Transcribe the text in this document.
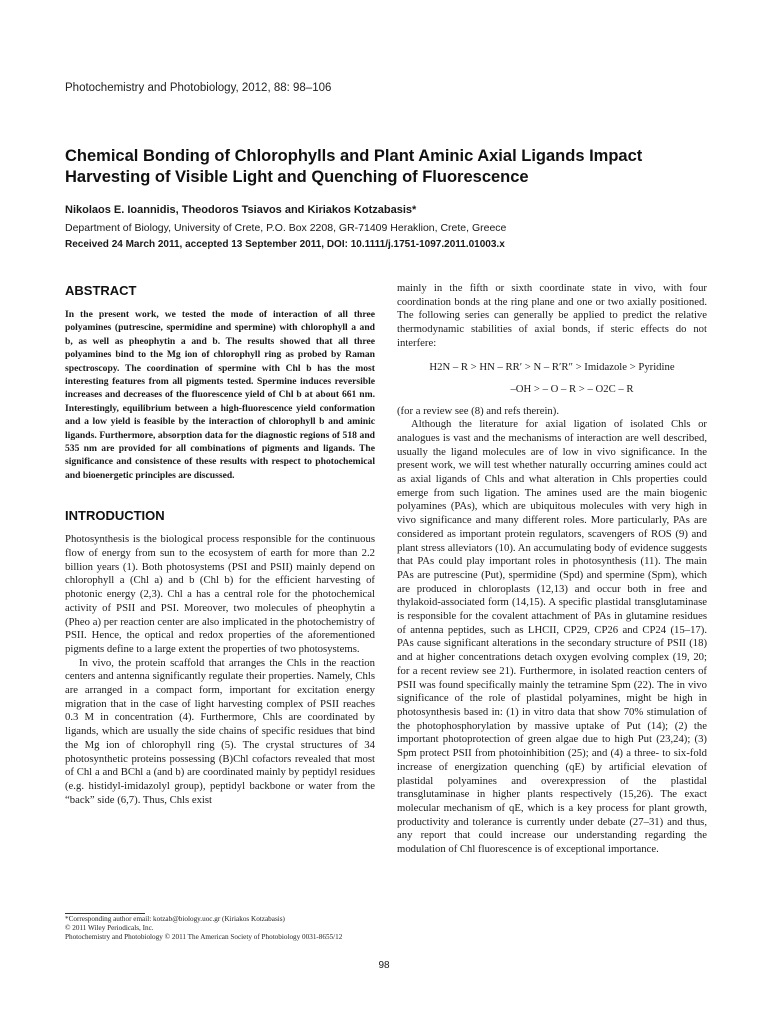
Photochemistry and Photobiology, 2012, 88: 98–106
Chemical Bonding of Chlorophylls and Plant Aminic Axial Ligands Impact Harvesting of Visible Light and Quenching of Fluorescence
Nikolaos E. Ioannidis, Theodoros Tsiavos and Kiriakos Kotzabasis*
Department of Biology, University of Crete, P.O. Box 2208, GR-71409 Heraklion, Crete, Greece
Received 24 March 2011, accepted 13 September 2011, DOI: 10.1111/j.1751-1097.2011.01003.x
ABSTRACT

In the present work, we tested the mode of interaction of all three polyamines (putrescine, spermidine and spermine) with chlorophyll a and b, as well as pheophytin a and b. The results showed that all three polyamines bind to the Mg ion of chlorophyll ring as probed by Raman spectroscopy. The coordination of spermine with Chl b has the most interesting features from all pigments tested. Spermine induces reversible increases and decreases of the fluorescence yield of Chl b at about 661 nm. Interestingly, equilibrium between a high-fluorescence yield conformation and a low yield is feasible by the interaction of chlorophyll b and aminic ligands. Furthermore, absorption data for the diagnostic regions of 518 and 535 nm are provided for all combinations of pigments and ligands. The significance and consistence of these results with respect to photochemical and bioenergetic principles are discussed.

INTRODUCTION

Photosynthesis is the biological process responsible for the continuous flow of energy from sun to the ecosystem of earth for more than 2.2 billion years (1). Both photosystems (PSI and PSII) mainly depend on chlorophyll a (Chl a) and b (Chl b) for the efficient harvesting of photonic energy (2,3). Chl a has a central role for the photochemical activity of PSII and PSI. Moreover, two molecules of pheophytin a (Pheo a) per reaction center are also implicated in the photochemistry of PSII. Hence, the optical and redox properties of the aforementioned pigments define to a large extent the properties of two photosystems.

In vivo, the protein scaffold that arranges the Chls in the reaction centers and antenna significantly regulate their properties. Namely, Chls are arranged in a compact form, important for excitation energy migration that in the case of light harvesting complex of PSII reaches 0.3 M in concentration (4). Furthermore, Chls are coordinated by ligands, which are usually the side chains of specific residues that bind the Mg ion of chlorophyll ring (5). The crystal structures of 34 photosynthetic proteins possessing (B)Chl cofactors revealed that most of Chl a and BChl a (and b) are coordinated mainly by peptidyl residues (e.g. histidyl-imidazolyl group), peptidyl backbone or water from the “back” side (6,7). Thus, Chls exist

mainly in the fifth or sixth coordinate state in vivo, with four coordination bonds at the ring plane and one or two axially positioned. The following series can generally be applied to predict the relative thermodynamic stabilities of axial bonds, if steric effects do not interfere:

H2N – R > HN – RR′ > N – R′R″ > Imidazole > Pyridine

–OH > – O – R > – O2C – R

(for a review see (8) and refs therein).

Although the literature for axial ligation of isolated Chls or analogues is vast and the mechanisms of interaction are well described, usually the ligand molecules are of low in vivo significance. In the present work, we will test whether naturally occurring amines could act as axial ligands of Chls and what alteration in Chls properties could emerge from such ligation. The amines used are the main biogenic polyamines (PAs), which are ubiquitous molecules with very high in vivo significance and many different roles. More particularly, PAs are considered as important protein regulators, scavengers of ROS (9) and plant stress alleviators (10). An accumulating body of evidence suggests that PAs could play important roles in photosynthesis (11). The main PAs are putrescine (Put), spermidine (Spd) and spermine (Spm), which are produced in chloroplasts (12,13) and occur both in free and thylakoid-associated form (14,15). A specific plastidal transglutaminase is responsible for the covalent attachment of PAs in glutamine residues of antenna peptides, such as LHCII, CP29, CP26 and CP24 (15–17). PAs cause significant alterations in the secondary structure of PSII (18) and at higher concentrations detach oxygen evolving complex (19, 20; for a recent review see 21). Furthermore, in isolated reaction centers of PSII was found specifically mainly the tetramine Spm (22). The in vivo significance of the role of plastidal polyamines, might be high in photosynthesis based in: (1) in vitro data that show 70% stimulation of the photophosphorylation by massive uptake of Put (14); (2) the important photoprotection of green algae due to high Put (23,24); (3) Spm protect PSII from photoinhibition (25); and (4) a three- to six-fold increase of energization quenching (qE) by artificial elevation of plastidal polyamines and overexpression of the plastidal transglutaminase in higher plants respectively (15,26). The exact molecular mechanism of qE, which is a key process for plant growth, productivity and tolerance is currently under debate (27–31) and thus, any report that could increase our understanding regarding the modulation of Chl fluorescence is of exceptional importance.

*Corresponding author email: kotzab@biology.uoc.gr (Kiriakos Kotzabasis)
© 2011 Wiley Periodicals, Inc.
Photochemistry and Photobiology © 2011 The American Society of Photobiology 0031-8655/12
98
